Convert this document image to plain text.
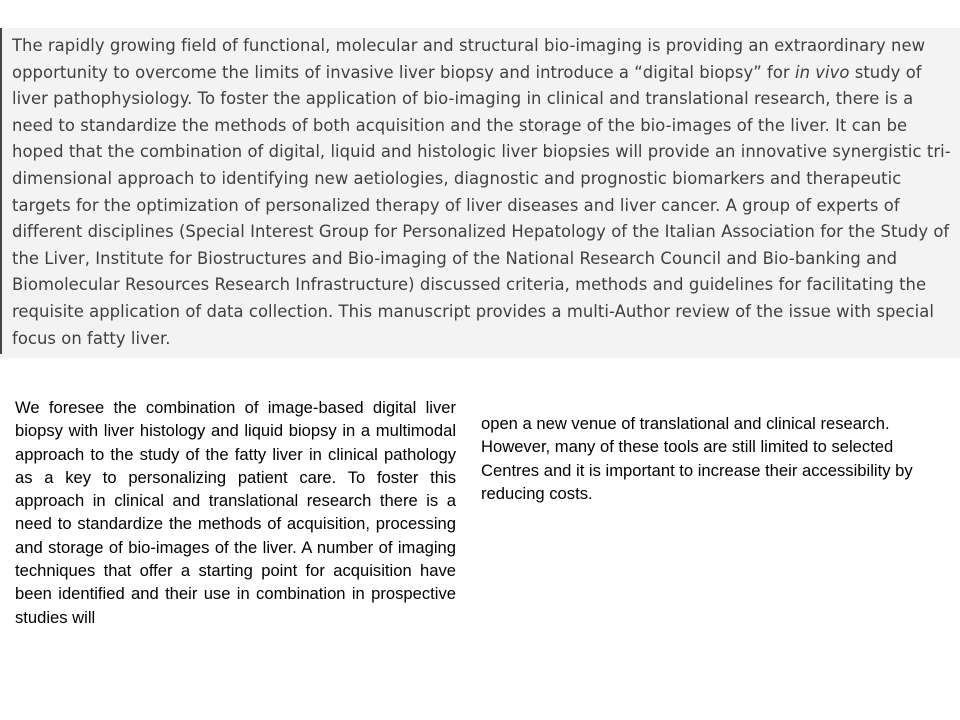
The rapidly growing field of functional, molecular and structural bio-imaging is providing an extraordinary new opportunity to overcome the limits of invasive liver biopsy and introduce a “digital biopsy” for in vivo study of liver pathophysiology. To foster the application of bio-imaging in clinical and translational research, there is a need to standardize the methods of both acquisition and the storage of the bio-images of the liver. It can be hoped that the combination of digital, liquid and histologic liver biopsies will provide an innovative synergistic tri-dimensional approach to identifying new aetiologies, diagnostic and prognostic biomarkers and therapeutic targets for the optimization of personalized therapy of liver diseases and liver cancer. A group of experts of different disciplines (Special Interest Group for Personalized Hepatology of the Italian Association for the Study of the Liver, Institute for Biostructures and Bio-imaging of the National Research Council and Bio-banking and Biomolecular Resources Research Infrastructure) discussed criteria, methods and guidelines for facilitating the requisite application of data collection. This manuscript provides a multi-Author review of the issue with special focus on fatty liver.

We foresee the combination of image-based digital liver biopsy with liver histology and liquid biopsy in a multimodal approach to the study of the fatty liver in clinical pathology as a key to personalizing patient care. To foster this approach in clinical and translational research there is a need to standardize the methods of acquisition, processing and storage of bio-images of the liver. A number of imaging techniques that offer a starting point for acquisition have been identified and their use in combination in prospective studies will

open a new venue of translational and clinical research. However, many of these tools are still limited to selected Centres and it is important to increase their accessibility by reducing costs.
